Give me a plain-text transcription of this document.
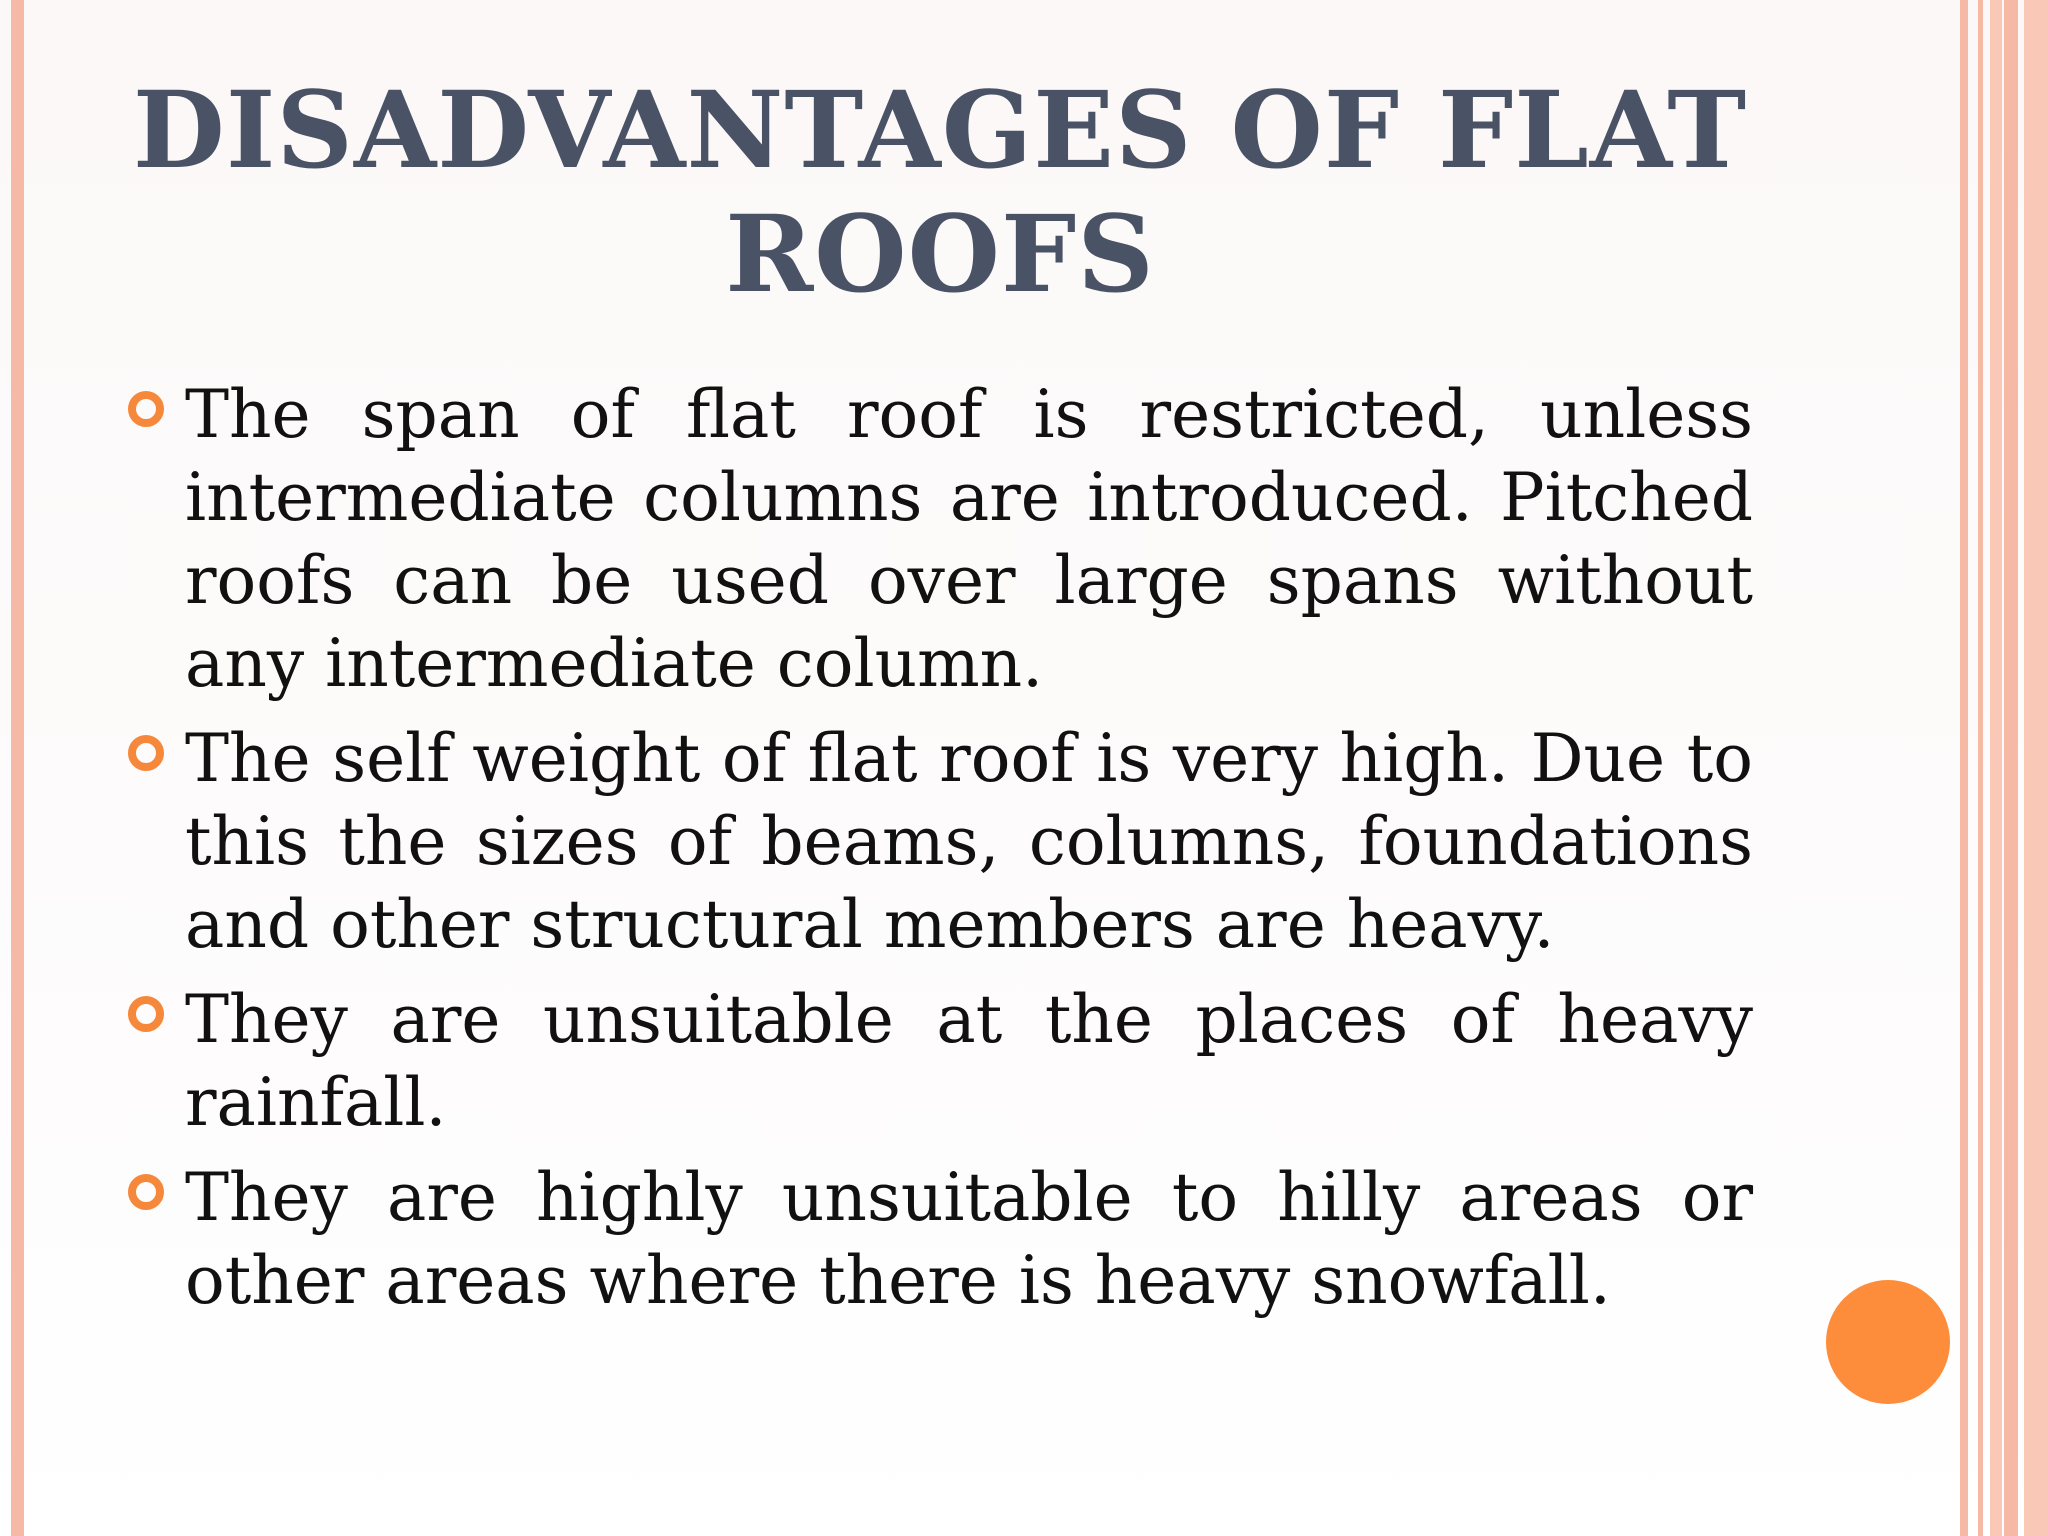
DISADVANTAGES OF FLAT ROOFS
The span of flat roof is restricted, unless intermediate columns are introduced. Pitched roofs can be used over large spans without any intermediate column.
The self weight of flat roof is very high. Due to this the sizes of beams, columns, foundations and other structural members are heavy.
They are unsuitable at the places of heavy rainfall.
They are highly unsuitable to hilly areas or other areas where there is heavy snowfall.
